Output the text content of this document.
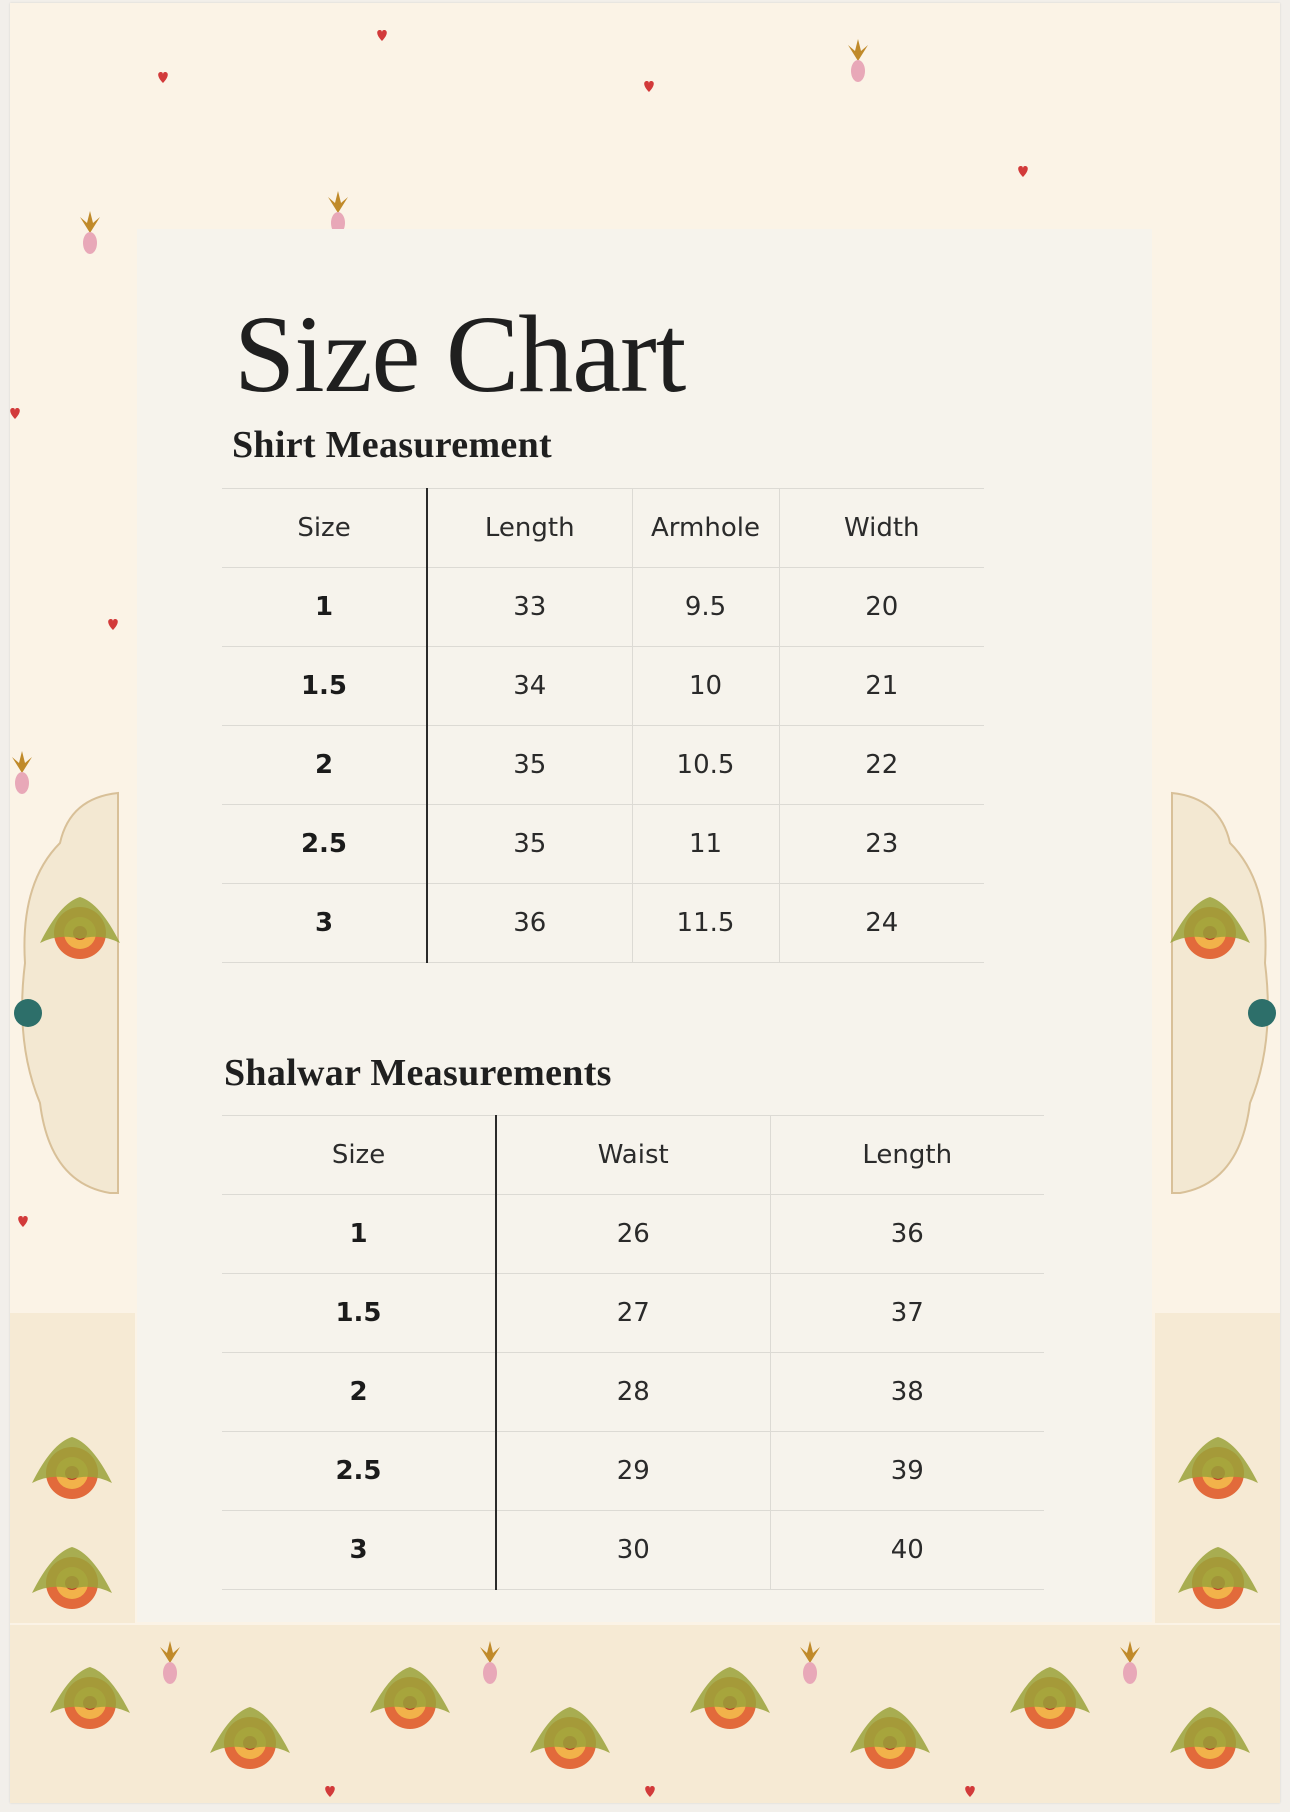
Size Chart
Shirt Measurement
Size	Length	Armhole	Width
1	33	9.5	20
1.5	34	10	21
2	35	10.5	22
2.5	35	11	23
3	36	11.5	24
Shalwar Measurements
Size	Waist	Length
1	26	36
1.5	27	37
2	28	38
2.5	29	39
3	30	40
